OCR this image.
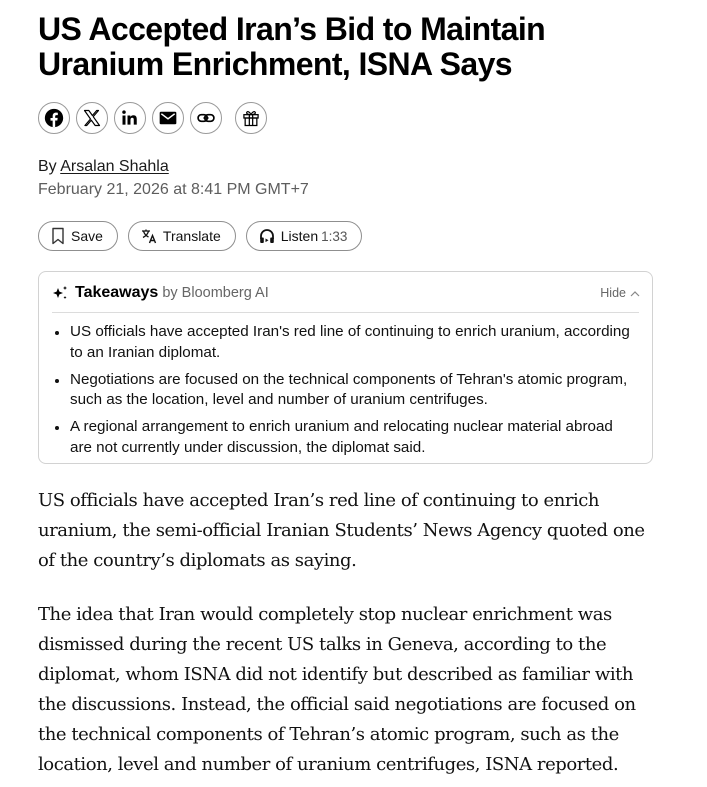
US Accepted Iran’s Bid to Maintain Uranium Enrichment, ISNA Says
By Arsalan Shahla
February 21, 2026 at 8:41 PM GMT+7
Save	Translate	Listen 1:33
Takeaways by Bloomberg AI	Hide
US officials have accepted Iran's red line of continuing to enrich uranium, according to an Iranian diplomat.
Negotiations are focused on the technical components of Tehran's atomic program, such as the location, level and number of uranium centrifuges.
A regional arrangement to enrich uranium and relocating nuclear material abroad are not currently under discussion, the diplomat said.

US officials have accepted Iran’s red line of continuing to enrich uranium, the semi-official Iranian Students’ News Agency quoted one of the country’s diplomats as saying.

The idea that Iran would completely stop nuclear enrichment was dismissed during the recent US talks in Geneva, according to the diplomat, whom ISNA did not identify but described as familiar with the discussions. Instead, the official said negotiations are focused on the technical components of Tehran’s atomic program, such as the location, level and number of uranium centrifuges, ISNA reported.
